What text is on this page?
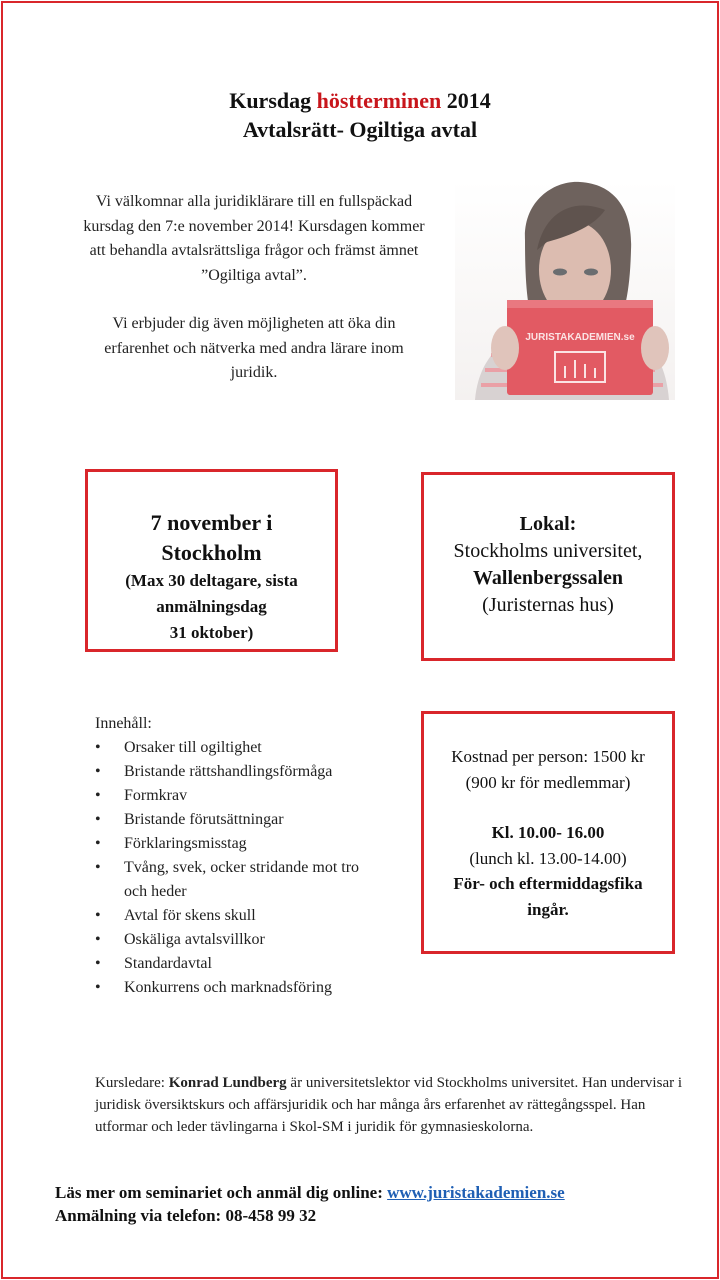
Kursdag höstterminen 2014
Avtalsrätt- Ogiltiga avtal

Vi välkomnar alla juridiklärare till en fullspäckad kursdag den 7:e november 2014! Kursdagen kommer att behandla avtalsrättsliga frågor och främst ämnet ”Ogiltiga avtal”.

Vi erbjuder dig även möjligheten att öka din erfarenhet och nätverka med andra lärare inom juridik.

JURISTAKADEMIEN.se
7 november i
Stockholm
(Max 30 deltagare, sista
anmälningsdag
31 oktober)
Lokal:
Stockholms universitet,
Wallenbergssalen
(Juristernas hus)
Innehåll:
• Orsaker till ogiltighet
• Bristande rättshandlingsförmåga
• Formkrav
• Bristande förutsättningar
• Förklaringsmisstag
• Tvång, svek, ocker stridande mot tro och heder
• Avtal för skens skull
• Oskäliga avtalsvillkor
• Standardavtal
• Konkurrens och marknadsföring
Kostnad per person: 1500 kr (900 kr för medlemmar)
Kl. 10.00- 16.00
(lunch kl. 13.00-14.00)
För- och eftermiddagsfika ingår.
Kursledare: Konrad Lundberg är universitetslektor vid Stockholms universitet. Han undervisar i juridisk översiktskurs och affärsjuridik och har många års erfarenhet av rättegångsspel. Han utformar och leder tävlingarna i Skol-SM i juridik för gymnasieskolorna.
Läs mer om seminariet och anmäl dig online: www.juristakademien.se
Anmälning via telefon: 08-458 99 32
